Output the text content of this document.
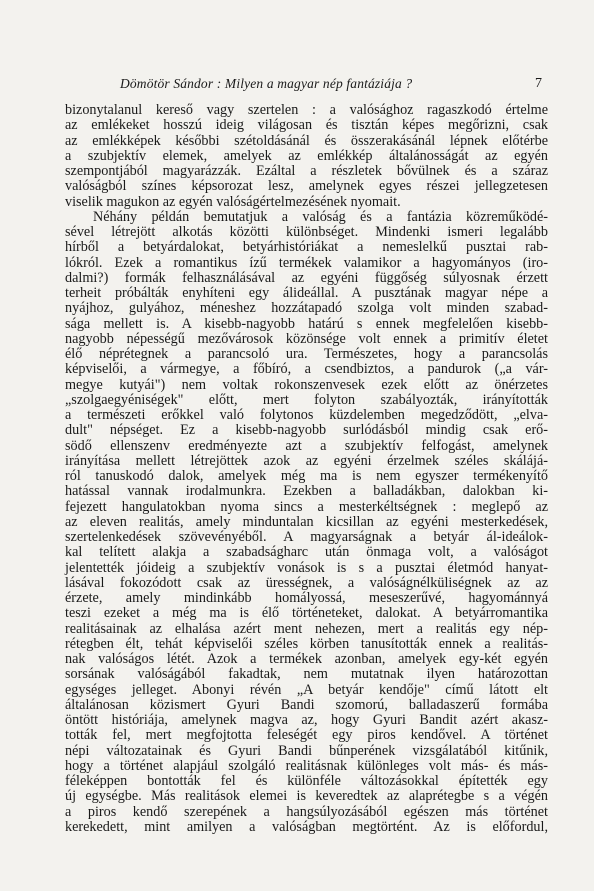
Dömötör Sándor : Milyen a magyar nép fantáziája ?	7
bizonytalanul kereső vagy szertelen : a valósághoz ragaszkodó értelme
az emlékeket hosszú ideig világosan és tisztán képes megőrizni, csak
az emlékképek későbbi szétoldásánál és összerakásánál lépnek előtérbe
a szubjektív elemek, amelyek az emlékkép általánosságát az egyén
szempontjából magyarázzák. Ezáltal a részletek bővülnek és a száraz
valóságból színes képsorozat lesz, amelynek egyes részei jellegzetesen
viselik magukon az egyén valóságértelmezésének nyomait.
Néhány példán bemutatjuk a valóság és a fantázia közreműködé-
sével létrejött alkotás közötti különbséget. Mindenki ismeri legalább
hírből a betyárdalokat, betyárhistóriákat a nemeslelkű pusztai rab-
lókról. Ezek a romantikus ízű termékek valamikor a hagyományos (iro-
dalmi?) formák felhasználásával az egyéni függőség súlyosnak érzett
terheit próbálták enyhíteni egy álideállal. A pusztának magyar népe a
nyájhoz, gulyához, méneshez hozzátapadó szolga volt minden szabad-
sága mellett is. A kisebb-nagyobb határú s ennek megfelelően kisebb-
nagyobb népességű mezővárosok közönsége volt ennek a primitív életet
élő néprétegnek a parancsoló ura. Természetes, hogy a parancsolás
képviselői, a vármegye, a főbíró, a csendbiztos, a pandurok („a vár-
megye kutyái") nem voltak rokonszenvesek ezek előtt az önérzetes
„szolgaegyéniségek" előtt, mert folyton szabályozták, irányították
a természeti erőkkel való folytonos küzdelemben megedződött, „elva-
dult" népséget. Ez a kisebb-nagyobb surlódásból mindig csak erő-
södő ellenszenv eredményezte azt a szubjektív felfogást, amelynek
irányítása mellett létrejöttek azok az egyéni érzelmek széles skálájá-
ról tanuskodó dalok, amelyek még ma is nem egyszer termékenyítő
hatással vannak irodalmunkra. Ezekben a balladákban, dalokban ki-
fejezett hangulatokban nyoma sincs a mesterkéltségnek : meglepő az
az eleven realitás, amely minduntalan kicsillan az egyéni mesterkedések,
szertelenkedések szövevényéből. A magyarságnak a betyár ál-ideálok-
kal telített alakja a szabadságharc után önmaga volt, a valóságot
jelentették jóideig a szubjektív vonások is s a pusztai életmód hanyat-
lásával fokozódott csak az ürességnek, a valóságnélküliségnek az az
érzete, amely mindinkább homályossá, meseszerűvé, hagyománnyá
teszi ezeket a még ma is élő történeteket, dalokat. A betyárromantika
realitásainak az elhalása azért ment nehezen, mert a realitás egy nép-
rétegben élt, tehát képviselői széles körben tanusították ennek a realitás-
nak valóságos létét. Azok a termékek azonban, amelyek egy-két egyén
sorsának valóságából fakadtak, nem mutatnak ilyen határozottan
egységes jelleget. Abonyi révén „A betyár kendője" című látott elt
általánosan közismert Gyuri Bandi szomorú, balladaszerű formába
öntött históriája, amelynek magva az, hogy Gyuri Bandit azért akasz-
tották fel, mert megfojtotta feleségét egy piros kendővel. A történet
népi változatainak és Gyuri Bandi bűnperének vizsgálatából kitűnik,
hogy a történet alapjául szolgáló realitásnak különleges volt más- és más-
féleképpen bontották fel és különféle változásokkal építették egy
új egységbe. Más realitások elemei is keveredtek az alaprétegbe s a végén
a piros kendő szerepének a hangsúlyozásából egészen más történet
kerekedett, mint amilyen a valóságban megtörtént. Az is előfordul,
